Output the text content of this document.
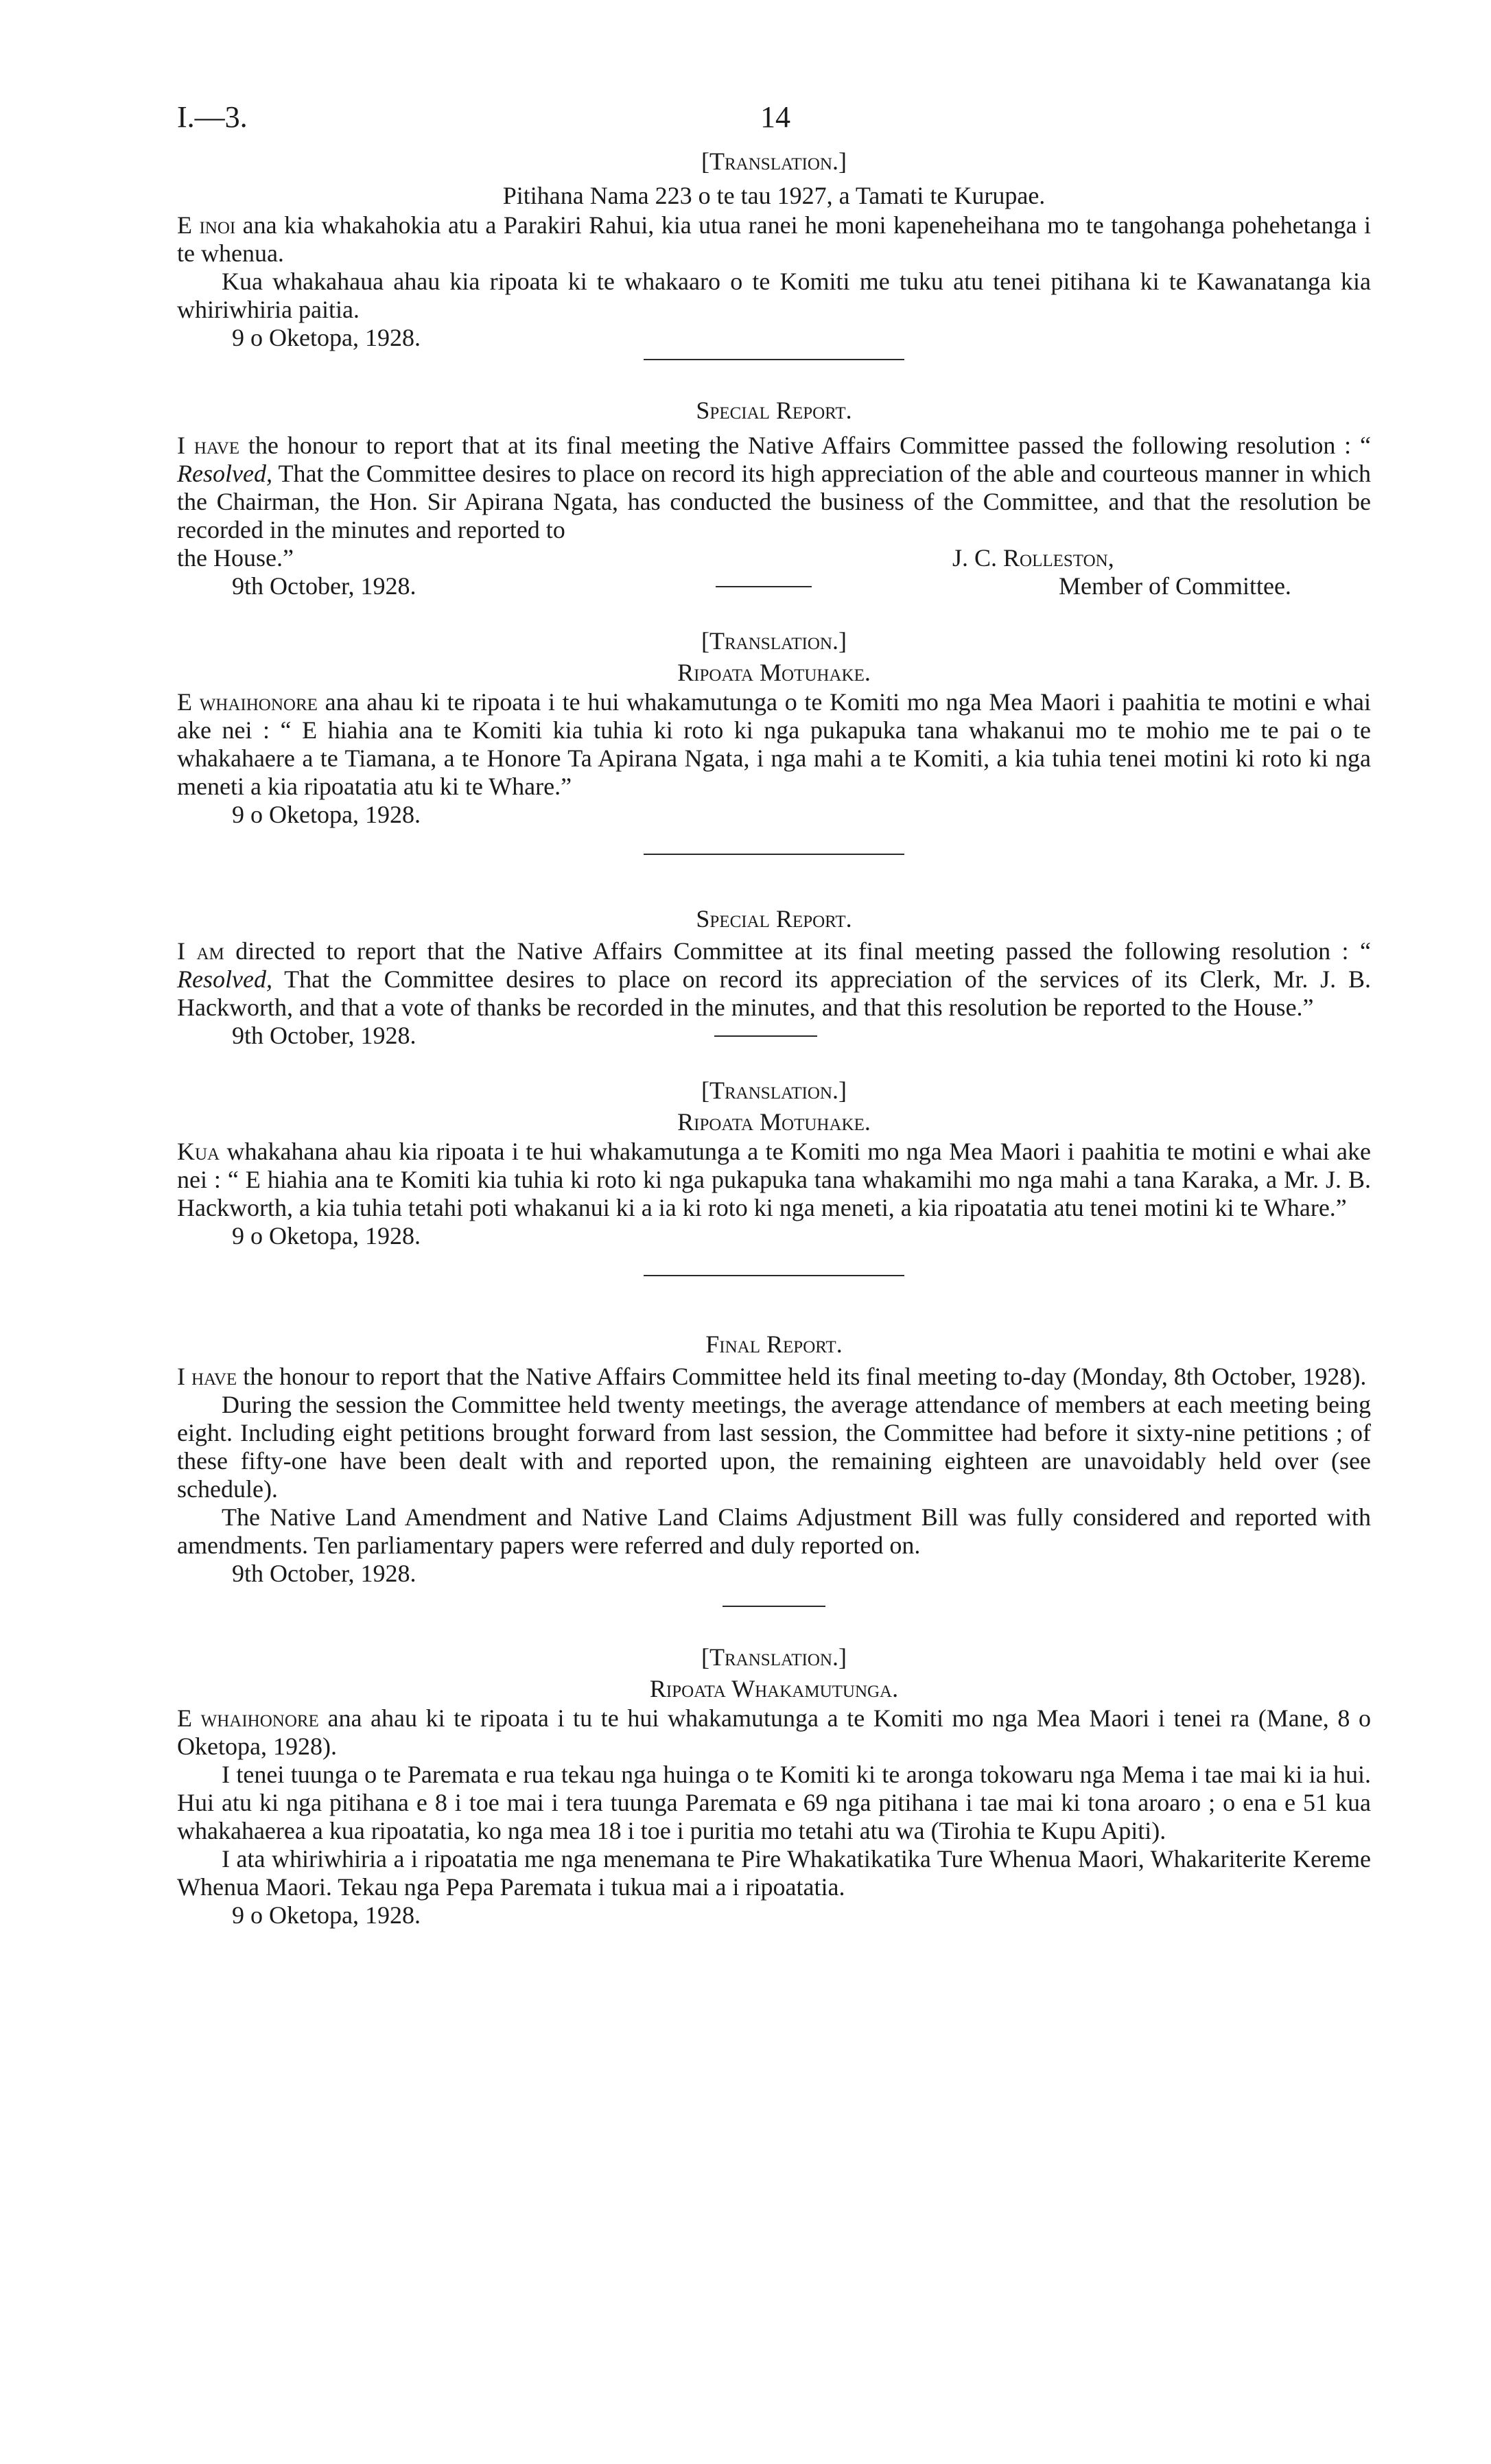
I.—3.	14
[Translation.]
Pitihana Nama 223 o te tau 1927, a Tamati te Kurupae.

E inoi ana kia whakahokia atu a Parakiri Rahui, kia utua ranei he moni kapeneheihana mo te tangohanga pohehetanga i te whenua.

Kua whakahaua ahau kia ripoata ki te whakaaro o te Komiti me tuku atu tenei pitihana ki te Kawanatanga kia whiriwhiria paitia.

9 o Oketopa, 1928.

Special Report.

I have the honour to report that at its final meeting the Native Affairs Committee passed the following resolution : “ Resolved, That the Committee desires to place on record its high appreciation of the able and courteous manner in which the Chairman, the Hon. Sir Apirana Ngata, has conducted the business of the Committee, and that the resolution be recorded in the minutes and reported to

the House.”	J. C. Rolleston,
9th October, 1928.	Member of Committee.
[Translation.]
Ripoata Motuhake.

E whaihonore ana ahau ki te ripoata i te hui whakamutunga o te Komiti mo nga Mea Maori i paahitia te motini e whai ake nei : “ E hiahia ana te Komiti kia tuhia ki roto ki nga pukapuka tana whakanui mo te mohio me te pai o te whakahaere a te Tiamana, a te Honore Ta Apirana Ngata, i nga mahi a te Komiti, a kia tuhia tenei motini ki roto ki nga meneti a kia ripoatatia atu ki te Whare.”

9 o Oketopa, 1928.

Special Report.

I am directed to report that the Native Affairs Committee at its final meeting passed the following resolution : “ Resolved, That the Committee desires to place on record its appreciation of the services of its Clerk, Mr. J. B. Hackworth, and that a vote of thanks be recorded in the minutes, and that this resolution be reported to the House.”

9th October, 1928.
[Translation.]
Ripoata Motuhake.

Kua whakahana ahau kia ripoata i te hui whakamutunga a te Komiti mo nga Mea Maori i paahitia te motini e whai ake nei : “ E hiahia ana te Komiti kia tuhia ki roto ki nga pukapuka tana whakamihi mo nga mahi a tana Karaka, a Mr. J. B. Hackworth, a kia tuhia tetahi poti whakanui ki a ia ki roto ki nga meneti, a kia ripoatatia atu tenei motini ki te Whare.”

9 o Oketopa, 1928.

Final Report.

I have the honour to report that the Native Affairs Committee held its final meeting to-day (Monday, 8th October, 1928).

During the session the Committee held twenty meetings, the average attendance of members at each meeting being eight. Including eight petitions brought forward from last session, the Committee had before it sixty-nine petitions ; of these fifty-one have been dealt with and reported upon, the remaining eighteen are unavoidably held over (see schedule).

The Native Land Amendment and Native Land Claims Adjustment Bill was fully considered and reported with amendments. Ten parliamentary papers were referred and duly reported on.

9th October, 1928.

[Translation.]
Ripoata Whakamutunga.

E whaihonore ana ahau ki te ripoata i tu te hui whakamutunga a te Komiti mo nga Mea Maori i tenei ra (Mane, 8 o Oketopa, 1928).

I tenei tuunga o te Paremata e rua tekau nga huinga o te Komiti ki te aronga tokowaru nga Mema i tae mai ki ia hui. Hui atu ki nga pitihana e 8 i toe mai i tera tuunga Paremata e 69 nga pitihana i tae mai ki tona aroaro ; o ena e 51 kua whakahaerea a kua ripoatatia, ko nga mea 18 i toe i puritia mo tetahi atu wa (Tirohia te Kupu Apiti).

I ata whiriwhiria a i ripoatatia me nga menemana te Pire Whakatikatika Ture Whenua Maori, Whakariterite Kereme Whenua Maori. Tekau nga Pepa Paremata i tukua mai a i ripoatatia.

9 o Oketopa, 1928.
